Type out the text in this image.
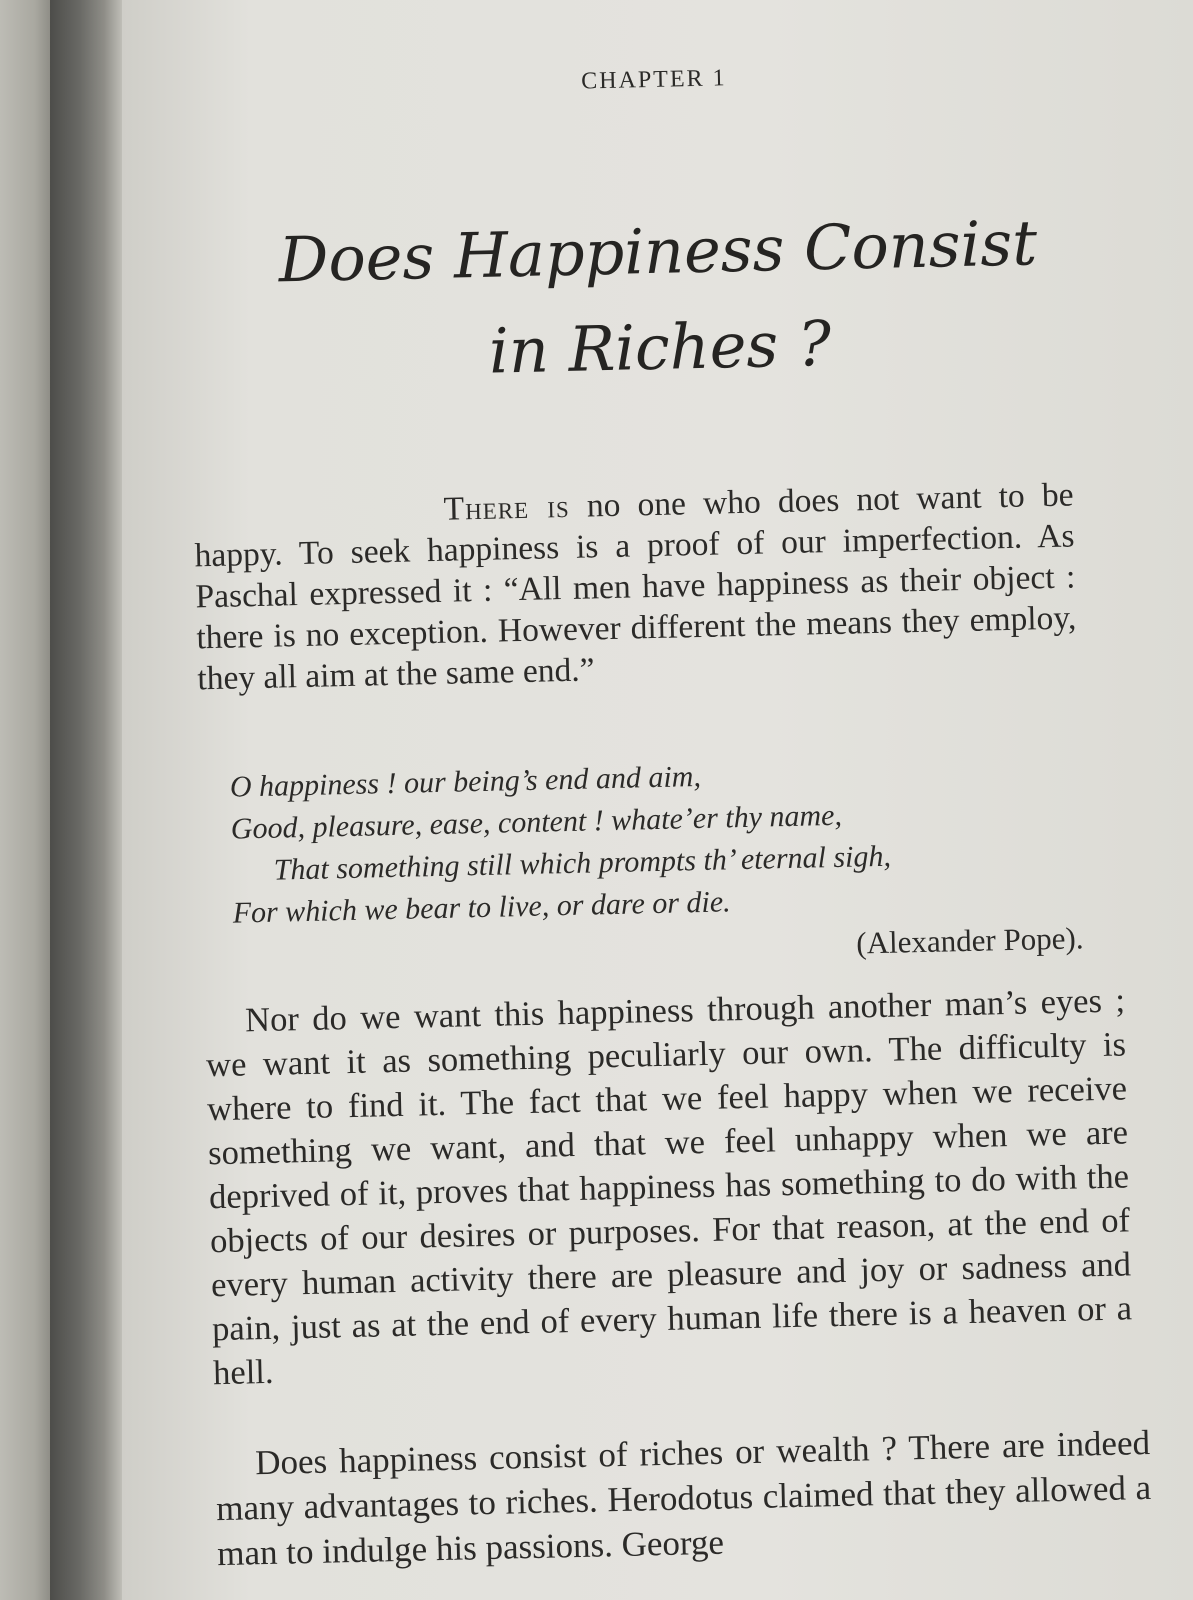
CHAPTER 1
Does Happiness Consist
in Riches ?

There is no one who does not want to be happy. To seek happiness is a proof of our imperfection. As Paschal expressed it : “All men have happiness as their object : there is no exception. However different the means they employ, they all aim at the same end.”

O happiness ! our being’s end and aim,
Good, pleasure, ease, content ! whate’er thy name,
That something still which prompts th’ eternal sigh,
For which we bear to live, or dare or die.
(Alexander Pope).

Nor do we want this happiness through another man’s eyes ; we want it as something peculiarly our own. The difficulty is where to find it. The fact that we feel happy when we receive something we want, and that we feel unhappy when we are deprived of it, proves that happiness has something to do with the objects of our desires or purposes. For that reason, at the end of every human activity there are pleasure and joy or sadness and pain, just as at the end of every human life there is a heaven or a hell.

Does happiness consist of riches or wealth ? There are indeed many advantages to riches. Herodotus claimed that they allowed a man to indulge his passions. George
